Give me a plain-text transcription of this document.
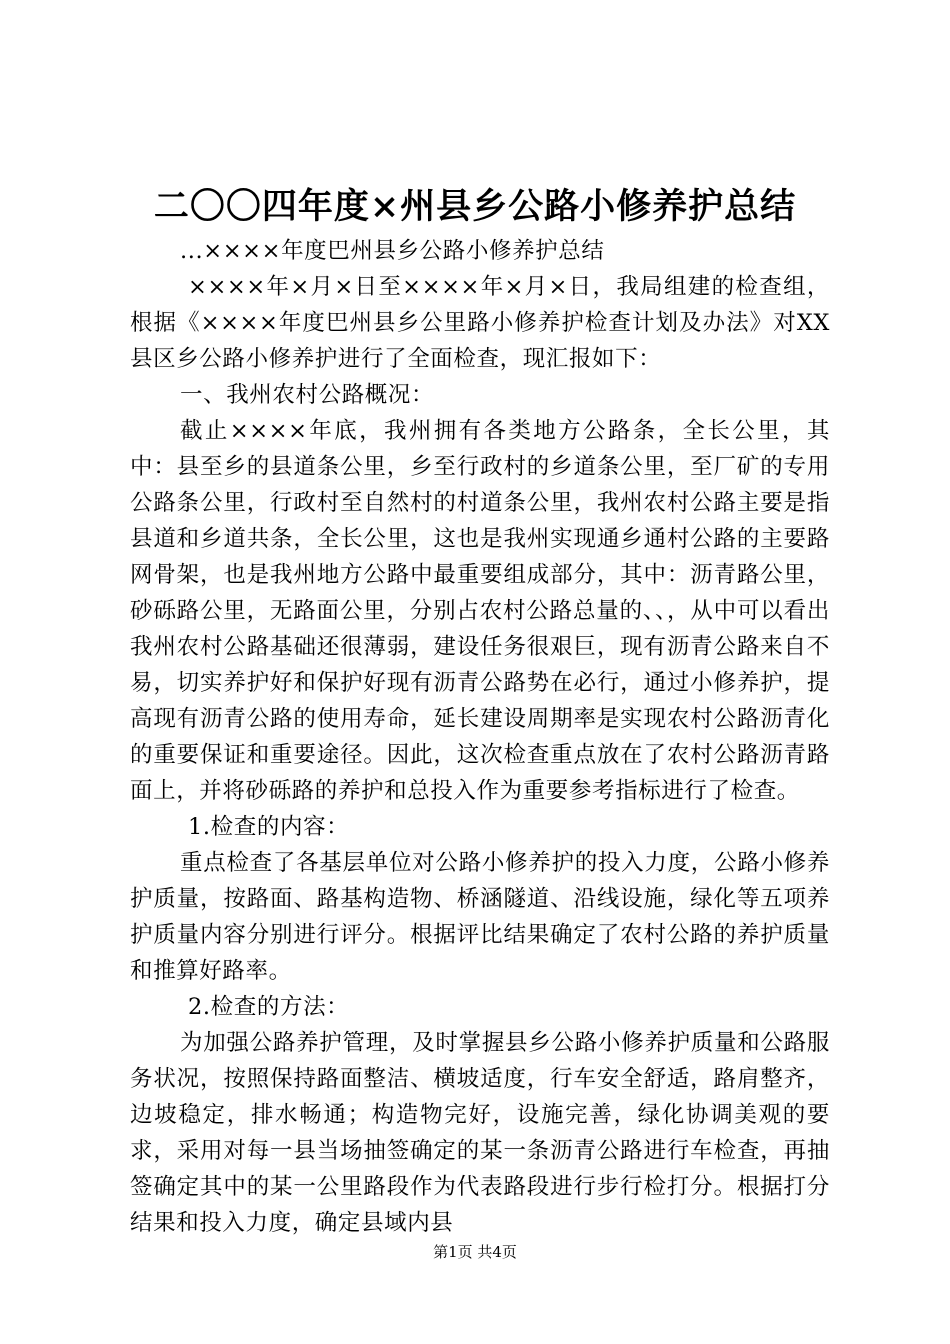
二〇〇四年度×州县乡公路小修养护总结

...××××年度巴州县乡公路小修养护总结

××××年×月×日至××××年×月×日，我局组建的检查组，根据《××××年度巴州县乡公里路小修养护检查计划及办法》对XX县区乡公路小修养护进行了全面检查，现汇报如下：

一、我州农村公路概况：

截止××××年底，我州拥有各类地方公路条，全长公里，其中：县至乡的县道条公里，乡至行政村的乡道条公里，至厂矿的专用公路条公里，行政村至自然村的村道条公里，我州农村公路主要是指县道和乡道共条，全长公里，这也是我州实现通乡通村公路的主要路网骨架，也是我州地方公路中最重要组成部分，其中：沥青路公里，砂砾路公里，无路面公里，分别占农村公路总量的、、，从中可以看出我州农村公路基础还很薄弱，建设任务很艰巨，现有沥青公路来自不易，切实养护好和保护好现有沥青公路势在必行，通过小修养护，提高现有沥青公路的使用寿命，延长建设周期率是实现农村公路沥青化的重要保证和重要途径。因此，这次检查重点放在了农村公路沥青路面上，并将砂砾路的养护和总投入作为重要参考指标进行了检查。

1.检查的内容：

重点检查了各基层单位对公路小修养护的投入力度，公路小修养护质量，按路面、路基构造物、桥涵隧道、沿线设施，绿化等五项养护质量内容分别进行评分。根据评比结果确定了农村公路的养护质量和推算好路率。

2.检查的方法：

为加强公路养护管理，及时掌握县乡公路小修养护质量和公路服务状况，按照保持路面整洁、横坡适度，行车安全舒适，路肩整齐，边坡稳定，排水畅通；构造物完好，设施完善，绿化协调美观的要求，采用对每一县当场抽签确定的某一条沥青公路进行车检查，再抽签确定其中的某一公里路段作为代表路段进行步行检打分。根据打分结果和投入力度，确定县域内县

第1页 共4页
